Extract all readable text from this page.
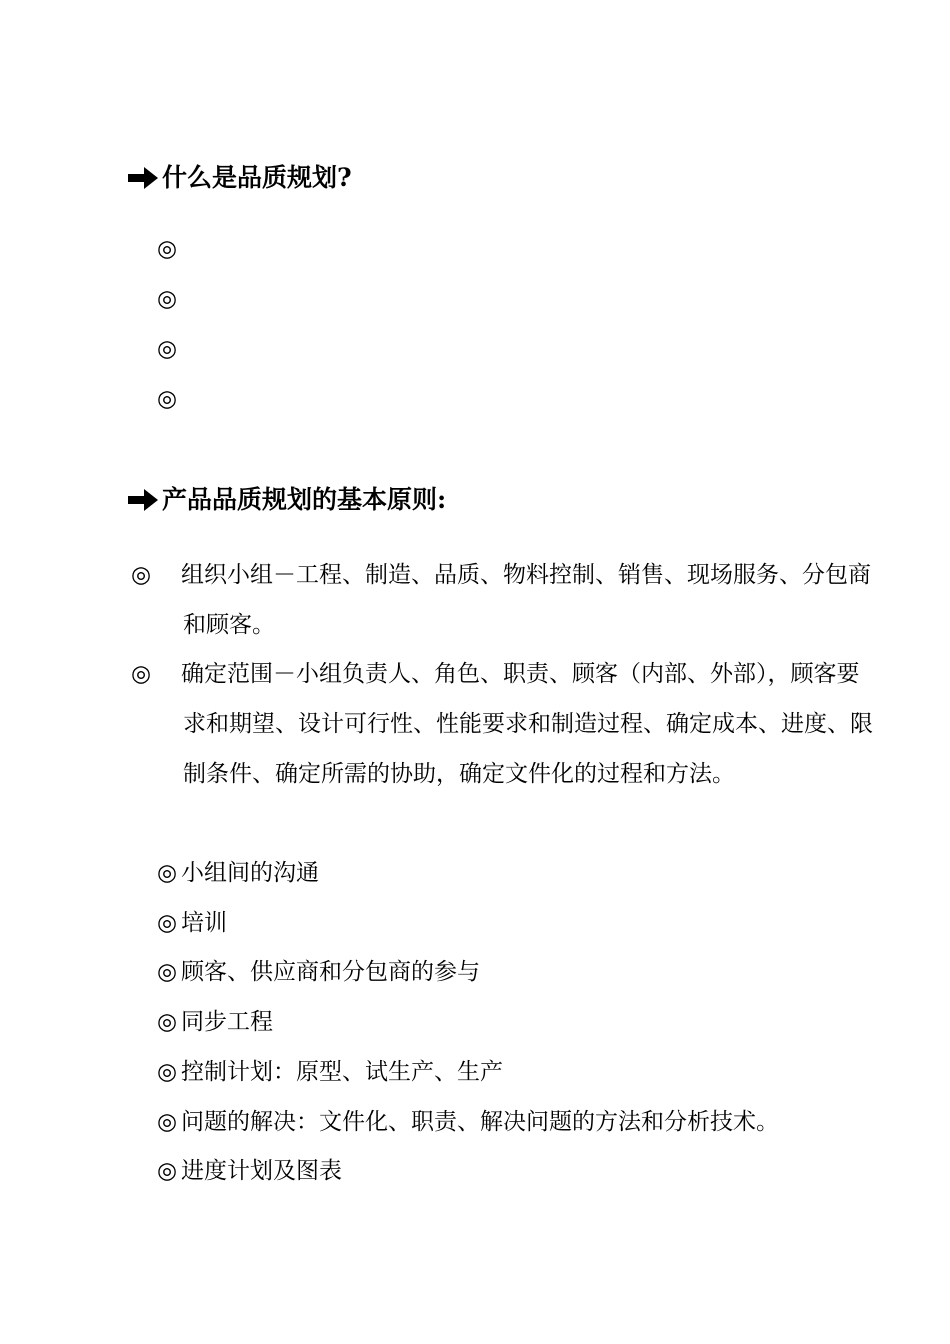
什么是品质规划?
◎
◎
◎
◎
产品品质规划的基本原则:
◎ 组织小组－工程、制造、品质、物料控制、销售、现场服务、分包商和顾客。
◎ 确定范围－小组负责人、角色、职责、顾客（内部、外部），顾客要求和期望、设计可行性、性能要求和制造过程、确定成本、进度、限制条件、确定所需的协助，确定文件化的过程和方法。
◎ 小组间的沟通
◎ 培训
◎ 顾客、供应商和分包商的参与
◎ 同步工程
◎ 控制计划：原型、试生产、生产
◎ 问题的解决：文件化、职责、解决问题的方法和分析技术。
◎ 进度计划及图表
